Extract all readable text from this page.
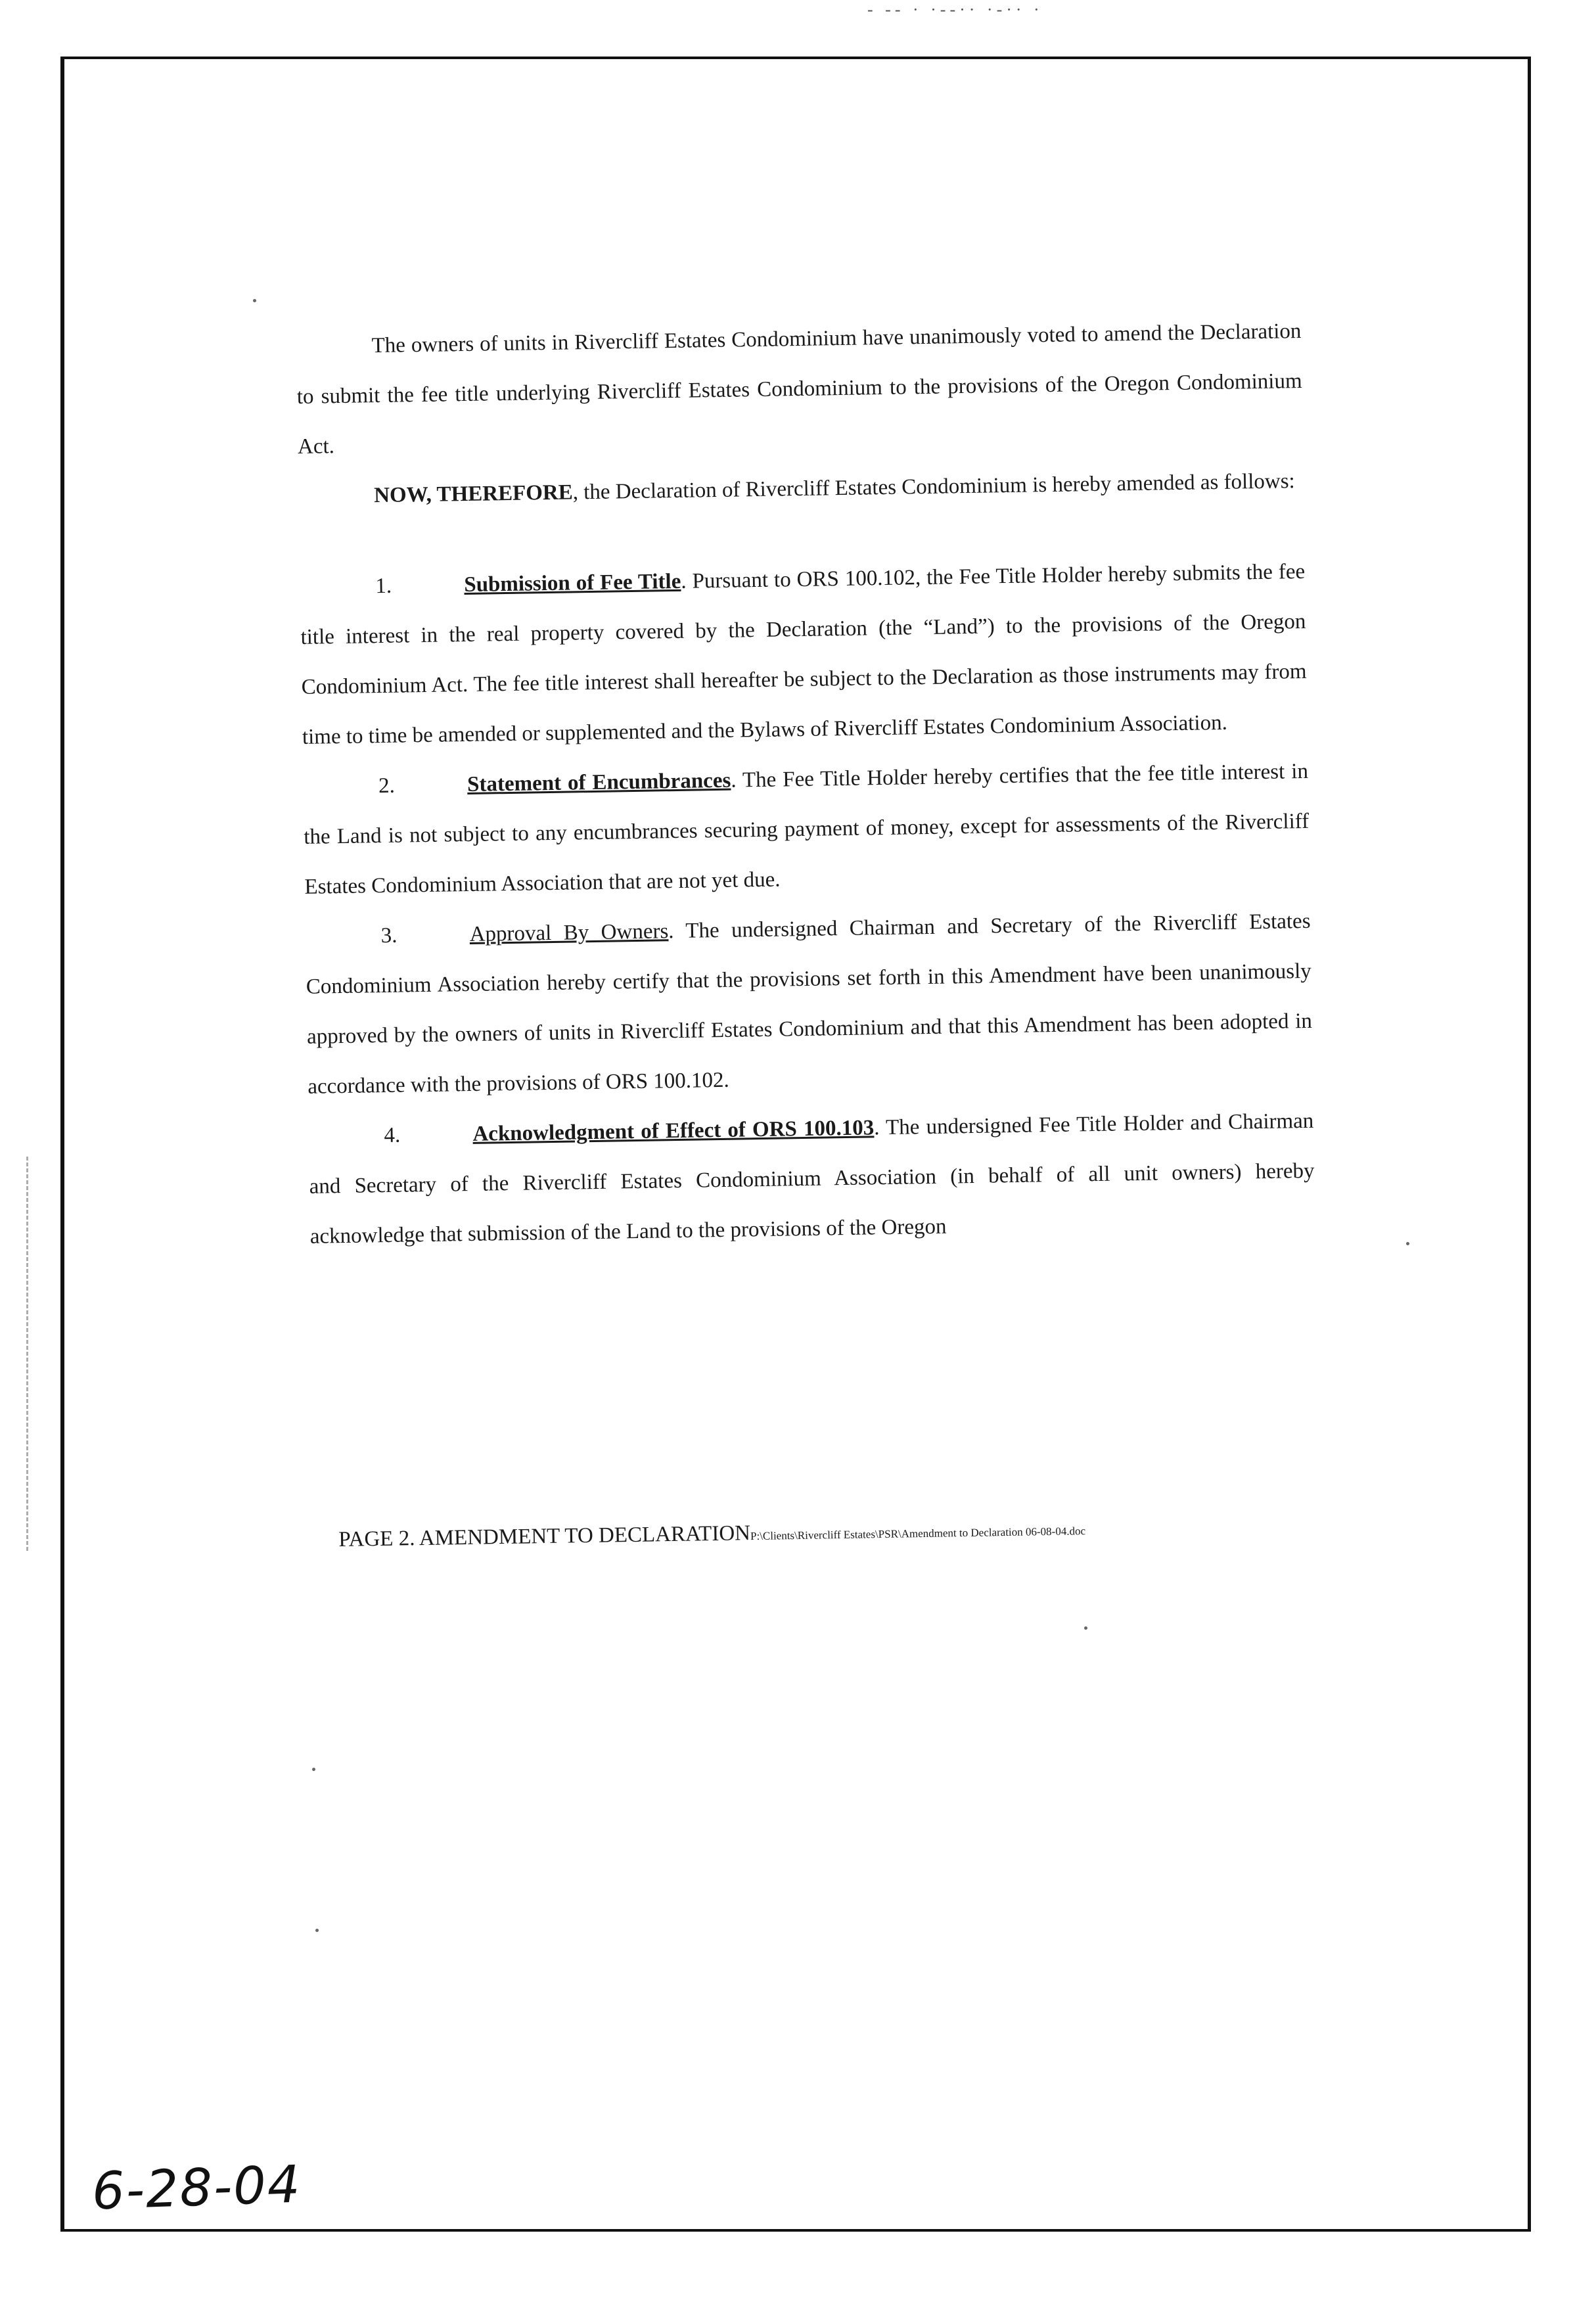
- -- · ·--·· ·-·· ·

The owners of units in Rivercliff Estates Condominium have unanimously voted to amend the Declaration to submit the fee title underlying Rivercliff Estates Condominium to the provisions of the Oregon Condominium Act.

NOW, THEREFORE, the Declaration of Rivercliff Estates Condominium is hereby amended as follows:

1.	Submission of Fee Title. Pursuant to ORS 100.102, the Fee Title Holder hereby submits the fee title interest in the real property covered by the Declaration (the “Land”) to the provisions of the Oregon Condominium Act. The fee title interest shall hereafter be subject to the Declaration as those instruments may from time to time be amended or supplemented and the Bylaws of Rivercliff Estates Condominium Association.

2.	Statement of Encumbrances. The Fee Title Holder hereby certifies that the fee title interest in the Land is not subject to any encumbrances securing payment of money, except for assessments of the Rivercliff Estates Condominium Association that are not yet due.

3.	Approval By Owners. The undersigned Chairman and Secretary of the Rivercliff Estates Condominium Association hereby certify that the provisions set forth in this Amendment have been unanimously approved by the owners of units in Rivercliff Estates Condominium and that this Amendment has been adopted in accordance with the provisions of ORS 100.102.

4.	Acknowledgment of Effect of ORS 100.103. The undersigned Fee Title Holder and Chairman and Secretary of the Rivercliff Estates Condominium Association (in behalf of all unit owners) hereby acknowledge that submission of the Land to the provisions of the Oregon

PAGE 2. AMENDMENT TO DECLARATIONP:\Clients\Rivercliff Estates\PSR\Amendment to Declaration 06-08-04.doc
6-28-04
